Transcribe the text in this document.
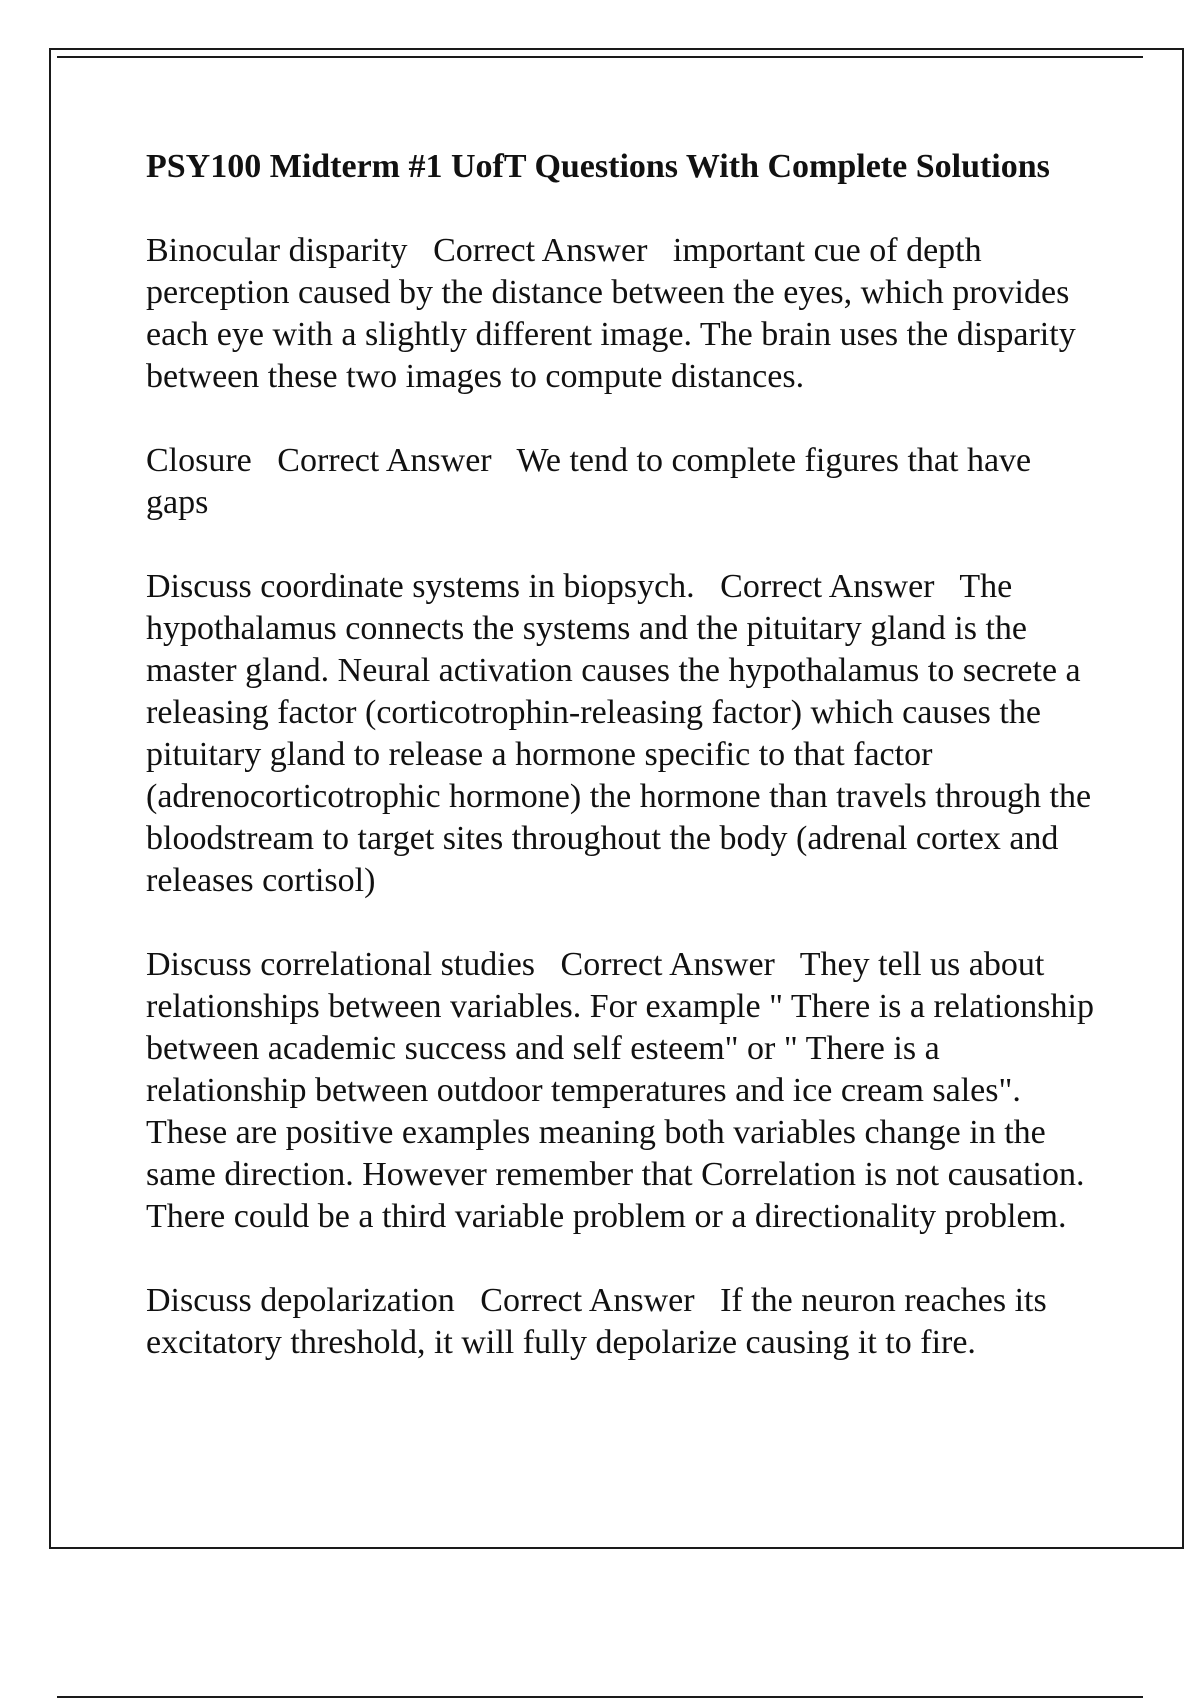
PSY100 Midterm #1 UofT Questions With Complete Solutions
Binocular disparity Correct Answer important cue of depth perception caused by the distance between the eyes, which provides each eye with a slightly different image. The brain uses the disparity between these two images to compute distances.
Closure Correct Answer We tend to complete figures that have gaps
Discuss coordinate systems in biopsych. Correct Answer The hypothalamus connects the systems and the pituitary gland is the master gland. Neural activation causes the hypothalamus to secrete a releasing factor (corticotrophin-releasing factor) which causes the pituitary gland to release a hormone specific to that factor (adrenocorticotrophic hormone) the hormone than travels through the bloodstream to target sites throughout the body (adrenal cortex and releases cortisol)
Discuss correlational studies Correct Answer They tell us about relationships between variables. For example " There is a relationship between academic success and self esteem" or " There is a relationship between outdoor temperatures and ice cream sales". These are positive examples meaning both variables change in the same direction. However remember that Correlation is not causation. There could be a third variable problem or a directionality problem.
Discuss depolarization Correct Answer If the neuron reaches its excitatory threshold, it will fully depolarize causing it to fire.
